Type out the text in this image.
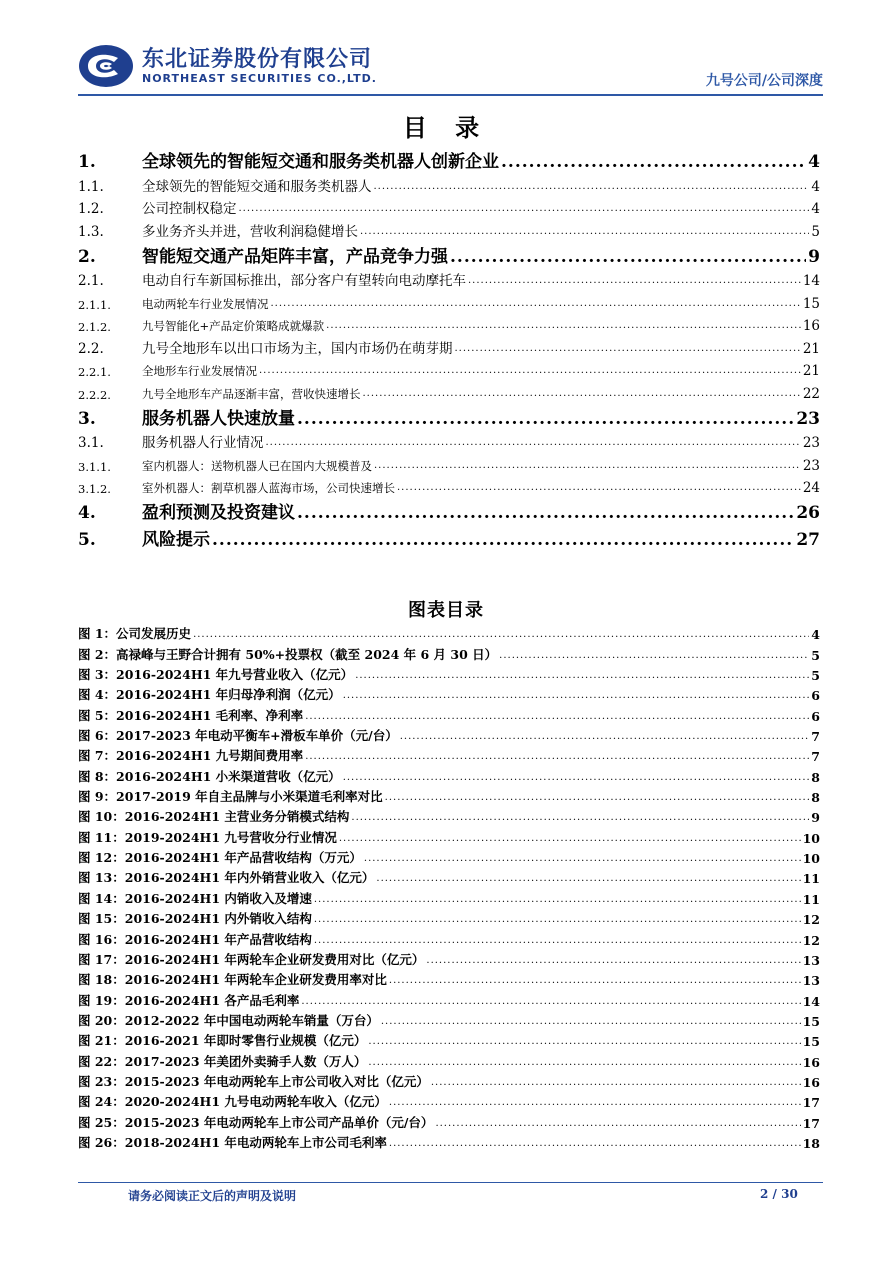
东北证券股份有限公司
NORTHEAST SECURITIES CO.,LTD.	九号公司/公司深度
目 录
1.	全球领先的智能短交通和服务类机器人创新企业 .....	4
1.1.	全球领先的智能短交通和服务类机器人 .....	4
1.2.	公司控制权稳定 .....	4
1.3.	多业务齐头并进，营收利润稳健增长 .....	5
2.	智能短交通产品矩阵丰富，产品竞争力强 .....	9
2.1.	电动自行车新国标推出，部分客户有望转向电动摩托车 .....	14
2.1.1.	电动两轮车行业发展情况 .....	15
2.1.2.	九号智能化+产品定价策略成就爆款 .....	16
2.2.	九号全地形车以出口市场为主，国内市场仍在萌芽期 .....	21
2.2.1.	全地形车行业发展情况 .....	21
2.2.2.	九号全地形车产品逐渐丰富，营收快速增长 .....	22
3.	服务机器人快速放量 .....	23
3.1.	服务机器人行业情况 .....	23
3.1.1.	室内机器人：送物机器人已在国内大规模普及 .....	23
3.1.2.	室外机器人：割草机器人蓝海市场，公司快速增长 .....	24
4.	盈利预测及投资建议 .....	26
5.	风险提示 .....	27
图表目录
图 1：公司发展历史 .....	4
图 2：高禄峰与王野合计拥有 50%+投票权（截至 2024 年 6 月 30 日） .....	5
图 3：2016-2024H1 年九号营业收入（亿元） .....	5
图 4：2016-2024H1 年归母净利润（亿元） .....	6
图 5：2016-2024H1 毛利率、净利率 .....	6
图 6：2017-2023 年电动平衡车+滑板车单价（元/台） .....	7
图 7：2016-2024H1 九号期间费用率 .....	7
图 8：2016-2024H1 小米渠道营收（亿元） .....	8
图 9：2017-2019 年自主品牌与小米渠道毛利率对比 .....	8
图 10：2016-2024H1 主营业务分销模式结构 .....	9
图 11：2019-2024H1 九号营收分行业情况 .....	10
图 12：2016-2024H1 年产品营收结构（万元） .....	10
图 13：2016-2024H1 年内外销营业收入（亿元） .....	11
图 14：2016-2024H1 内销收入及增速 .....	11
图 15：2016-2024H1 内外销收入结构 .....	12
图 16：2016-2024H1 年产品营收结构 .....	12
图 17：2016-2024H1 年两轮车企业研发费用对比（亿元） .....	13
图 18：2016-2024H1 年两轮车企业研发费用率对比 .....	13
图 19：2016-2024H1 各产品毛利率 .....	14
图 20：2012-2022 年中国电动两轮车销量（万台） .....	15
图 21：2016-2021 年即时零售行业规模（亿元） .....	15
图 22：2017-2023 年美团外卖骑手人数（万人） .....	16
图 23：2015-2023 年电动两轮车上市公司收入对比（亿元） .....	16
图 24：2020-2024H1 九号电动两轮车收入（亿元） .....	17
图 25：2015-2023 年电动两轮车上市公司产品单价（元/台） .....	17
图 26：2018-2024H1 年电动两轮车上市公司毛利率 .....	18
请务必阅读正文后的声明及说明	2 / 30
